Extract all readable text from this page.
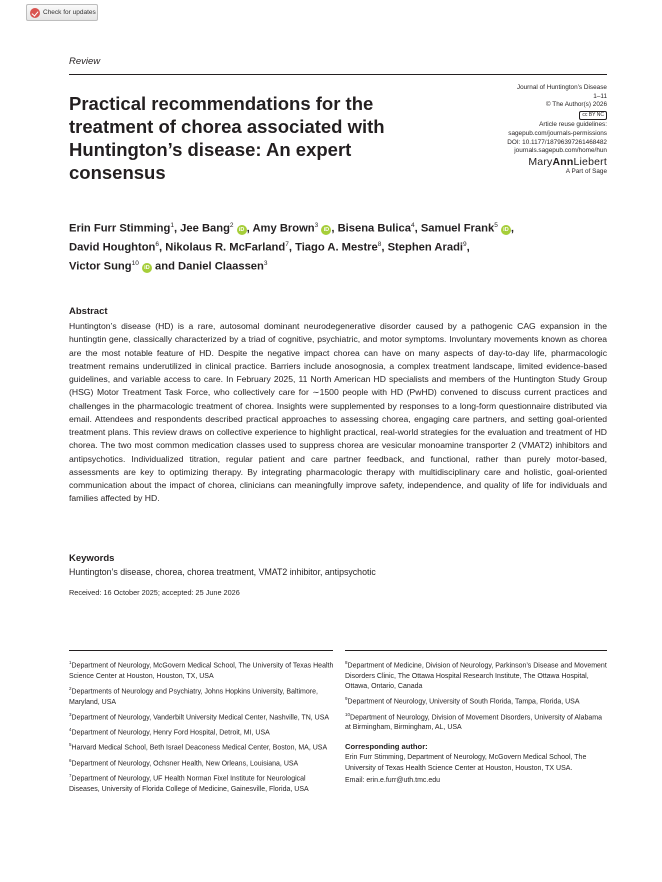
Check for updates
Review
Practical recommendations for the treatment of chorea associated with Huntington’s disease: An expert consensus
Journal of Huntington’s Disease
1–11
© The Author(s) 2026
cc BY NC
Article reuse guidelines:
sagepub.com/journals-permissions
DOI: 10.1177/18796397261468482
journals.sagepub.com/home/hun
MaryAnnLiebert
A Part of Sage
Erin Furr Stimming$^1$, Jee Bang$^2$ iD , Amy Brown$^3$ iD , Bisena Bulica$^4$, Samuel Frank$^5$ iD ,
David Houghton$^6$, Nikolaus R. McFarland$^7$, Tiago A. Mestre$^8$, Stephen Aradi$^9$,
Victor Sung$^{10}$ iD and Daniel Claassen$^3$
Abstract
Huntington’s disease (HD) is a rare, autosomal dominant neurodegenerative disorder caused by a pathogenic CAG expansion in the huntingtin gene, classically characterized by a triad of cognitive, psychiatric, and motor symptoms. Involuntary movements known as chorea are the most notable feature of HD. Despite the negative impact chorea can have on many aspects of day-to-day life, pharmacologic treatment remains underutilized in clinical practice. Barriers include anosognosia, a complex treatment landscape, limited evidence-based guidelines, and variable access to care. In February 2025, 11 North American HD specialists and members of the Huntington Study Group (HSG) Motor Treatment Task Force, who collectively care for ∼1500 people with HD (PwHD) convened to discuss current practices and challenges in the pharmacologic treatment of chorea. Insights were supplemented by responses to a long-form questionnaire distributed via email. Attendees and respondents described practical approaches to assessing chorea, engaging care partners, and setting goal-oriented treatment plans. This review draws on collective experience to highlight practical, real-world strategies for the evaluation and treatment of HD chorea. The two most common medication classes used to suppress chorea are vesicular monoamine transporter 2 (VMAT2) inhibitors and antipsychotics. Individualized titration, regular patient and care partner feedback, and functional, rather than purely motor-based, assessments are key to optimizing therapy. By integrating pharmacologic therapy with multidisciplinary care and holistic, goal-oriented communication about the impact of chorea, clinicians can meaningfully improve safety, independence, and quality of life for individuals and families affected by HD.
Keywords
Huntington’s disease, chorea, chorea treatment, VMAT2 inhibitor, antipsychotic
Received: 16 October 2025; accepted: 25 June 2026

$^1$Department of Neurology, McGovern Medical School, The University of Texas Health Science Center at Houston, Houston, TX, USA

$^2$Departments of Neurology and Psychiatry, Johns Hopkins University, Baltimore, Maryland, USA

$^3$Department of Neurology, Vanderbilt University Medical Center, Nashville, TN, USA

$^4$Department of Neurology, Henry Ford Hospital, Detroit, MI, USA

$^5$Harvard Medical School, Beth Israel Deaconess Medical Center, Boston, MA, USA

$^6$Department of Neurology, Ochsner Health, New Orleans, Louisiana, USA

$^7$Department of Neurology, UF Health Norman Fixel Institute for Neurological Diseases, University of Florida College of Medicine, Gainesville, Florida, USA

$^8$Department of Medicine, Division of Neurology, Parkinson’s Disease and Movement Disorders Clinic, The Ottawa Hospital Research Institute, The Ottawa Hospital, Ottawa, Ontario, Canada

$^9$Department of Neurology, University of South Florida, Tampa, Florida, USA

$^{10}$Department of Neurology, Division of Movement Disorders, University of Alabama at Birmingham, Birmingham, AL, USA

Corresponding author:

Erin Furr Stimming, Department of Neurology, McGovern Medical School, The University of Texas Health Science Center at Houston, Houston, TX USA.

Email: erin.e.furr@uth.tmc.edu
